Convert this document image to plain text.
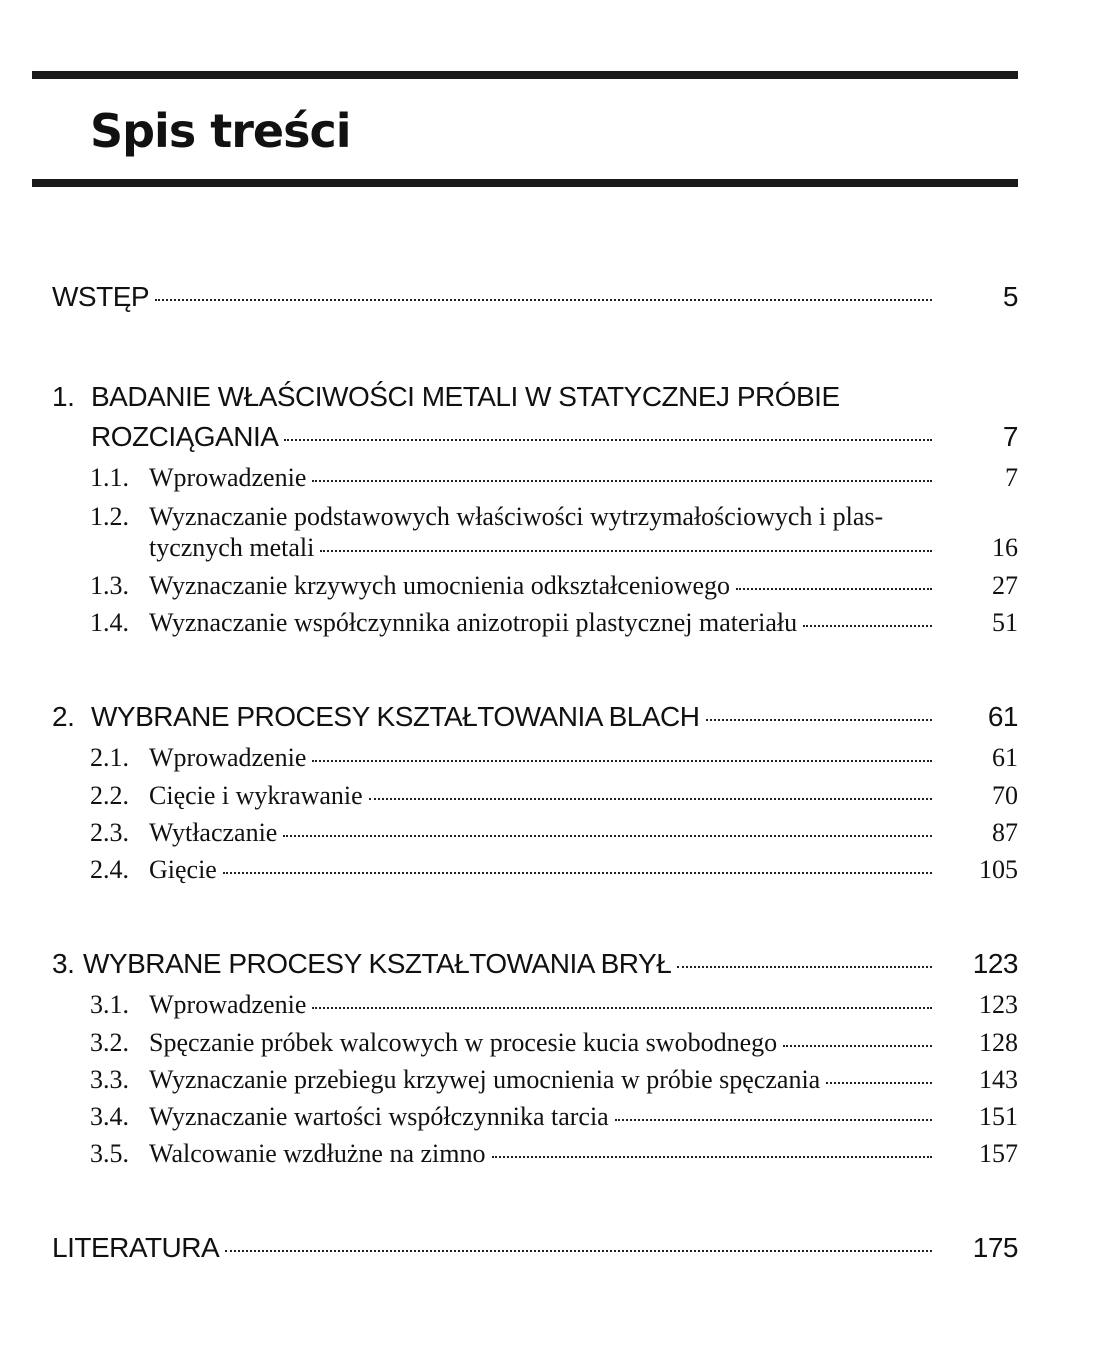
Spis treści
WSTĘP	5
1. BADANIE WŁAŚCIWOŚCI METALI W STATYCZNEJ PRÓBIE
ROZCIĄGANIA	7
1.1. Wprowadzenie	7
1.2. Wyznaczanie podstawowych właściwości wytrzymałościowych i plas-
tycznych metali	16
1.3. Wyznaczanie krzywych umocnienia odkształceniowego	27
1.4. Wyznaczanie współczynnika anizotropii plastycznej materiału	51
2. WYBRANE PROCESY KSZTAŁTOWANIA BLACH	61
2.1. Wprowadzenie	61
2.2. Cięcie i wykrawanie	70
2.3. Wytłaczanie	87
2.4. Gięcie	105
3. WYBRANE PROCESY KSZTAŁTOWANIA BRYŁ	123
3.1. Wprowadzenie	123
3.2. Spęczanie próbek walcowych w procesie kucia swobodnego	128
3.3. Wyznaczanie przebiegu krzywej umocnienia w próbie spęczania	143
3.4. Wyznaczanie wartości współczynnika tarcia	151
3.5. Walcowanie wzdłużne na zimno	157
LITERATURA	175
